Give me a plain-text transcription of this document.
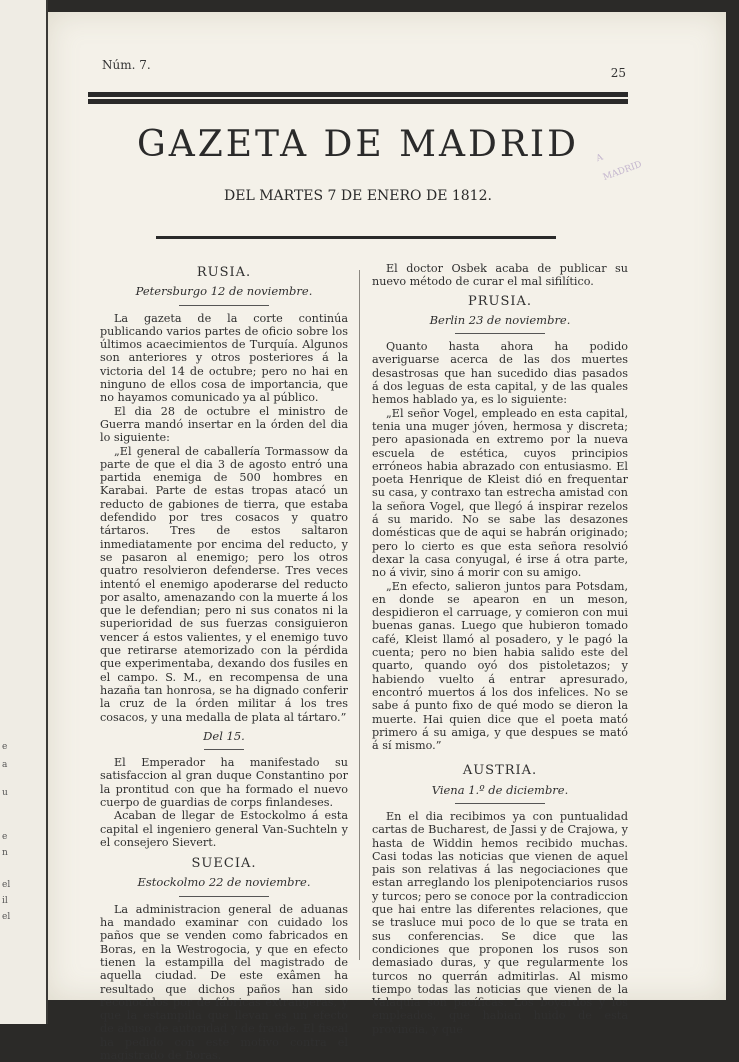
e
a
u
e
n
el
il
el
Núm. 7.
25
GAZETA DE MADRID
DEL MARTES 7 DE ENERO DE 1812.
A
MADRID
RUSIA.
Petersburgo 12 de noviembre.

La gazeta de la corte continúa publicando varios partes de oficio sobre los últimos acaecimientos de Turquía. Algunos son anteriores y otros posteriores á la victoria del 14 de octubre; pero no hai en ninguno de ellos cosa de importancia, que no hayamos comunicado ya al público.

El dia 28 de octubre el ministro de Guerra mandó insertar en la órden del dia lo siguiente:

„El general de caballería Tormassow da parte de que el dia 3 de agosto entró una partida enemiga de 500 hombres en Karabai. Parte de estas tropas atacó un reducto de gabiones de tierra, que estaba defendido por tres cosacos y quatro tártaros. Tres de estos saltaron inmediatamente por encima del reducto, y se pasaron al enemigo; pero los otros quatro resolvieron defenderse. Tres veces intentó el enemigo apoderarse del reducto por asalto, amenazando con la muerte á los que le defendian; pero ni sus conatos ni la superioridad de sus fuerzas consiguieron vencer á estos valientes, y el enemigo tuvo que retirarse atemorizado con la pérdida que experimentaba, dexando dos fusiles en el campo. S. M., en recompensa de una hazaña tan honrosa, se ha dignado conferir la cruz de la órden militar á los tres cosacos, y una medalla de plata al tártaro.”

Del 15.

El Emperador ha manifestado su satisfaccion al gran duque Constantino por la prontitud con que ha formado el nuevo cuerpo de guardias de corps finlandeses.

Acaban de llegar de Estockolmo á esta capital el ingeniero general Van-Suchteln y el consejero Sievert.

SUECIA.
Estockolmo 22 de noviembre.

La administracion general de aduanas ha mandado examinar con cuidado los paños que se venden como fabricados en Boras, en la Westrogocia, y que en efecto tienen la estampilla del magistrado de aquella ciudad. De este exâmen ha resultado que dichos paños han sido reconocidos por de fábricas extrangeras, y que la estampilla que llevan es un efecto de abuso de autoridad y de fraude. El fiscal ha pedido con este motivo contra el magistrado de Boras.

El doctor Osbek acaba de publicar su nuevo método de curar el mal sifilítico.

PRUSIA.
Berlin 23 de noviembre.

Quanto hasta ahora ha podido averiguarse acerca de las dos muertes desastrosas que han sucedido dias pasados á dos leguas de esta capital, y de las quales hemos hablado ya, es lo siguiente:

„El señor Vogel, empleado en esta capital, tenia una muger jóven, hermosa y discreta; pero apasionada en extremo por la nueva escuela de estética, cuyos principios erróneos habia abrazado con entusiasmo. El poeta Henrique de Kleist dió en frequentar su casa, y contraxo tan estrecha amistad con la señora Vogel, que llegó á inspirar rezelos á su marido. No se sabe las desazones domésticas que de aqui se habrán originado; pero lo cierto es que esta señora resolvió dexar la casa conyugal, é irse á otra parte, no á vivir, sino á morir con su amigo.

„En efecto, salieron juntos para Potsdam, en donde se apearon en un meson, despidieron el carruage, y comieron con mui buenas ganas. Luego que hubieron tomado café, Kleist llamó al posadero, y le pagó la cuenta; pero no bien habia salido este del quarto, quando oyó dos pistoletazos; y habiendo vuelto á entrar apresurado, encontró muertos á los dos infelices. No se sabe á punto fixo de qué modo se dieron la muerte. Hai quien dice que el poeta mató primero á su amiga, y que despues se mató á sí mismo.”

AUSTRIA.
Viena 1.º de diciembre.

En el dia recibimos ya con puntualidad cartas de Bucharest, de Jassi y de Crajowa, y hasta de Widdin hemos recibido muchas. Casi todas las noticias que vienen de aquel pais son relativas á las negociaciones que estan arreglando los plenipotenciarios rusos y turcos; pero se conoce por la contradiccion que hai entre las diferentes relaciones, que se trasluce mui poco de lo que se trata en sus conferencias. Se dice que las condiciones que proponen los rusos son demasiado duras, y que regularmente los turcos no querrán admitirlas. Al mismo tiempo todas las noticias que vienen de la Valaquia son pacíficas. Los boyardos y los empleados, que habian huido de esta provincia, y que
